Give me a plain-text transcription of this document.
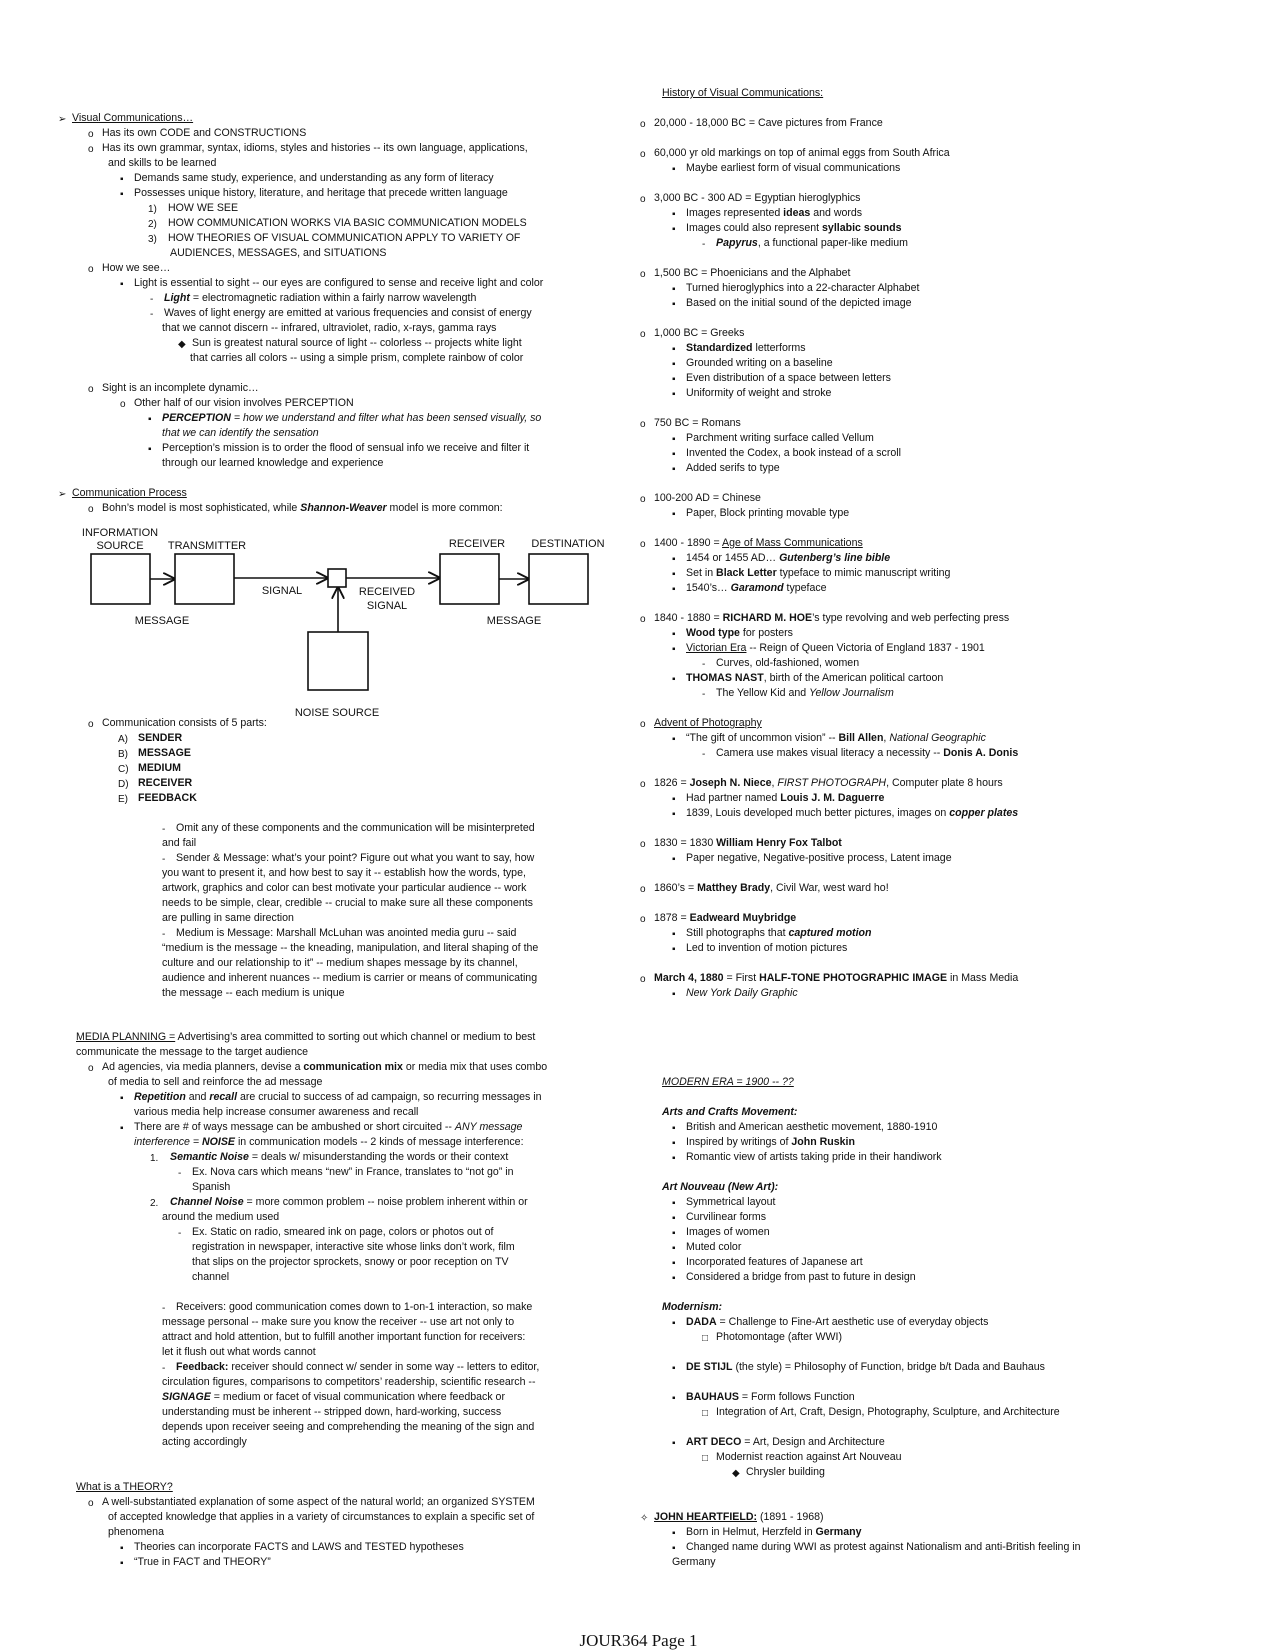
➢ Visual Communications…
o Has its own CODE and CONSTRUCTIONS
o Has its own grammar, syntax, idioms, styles and histories -- its own language, applications,
and skills to be learned
▪ Demands same study, experience, and understanding as any form of literacy
▪ Possesses unique history, literature, and heritage that precede written language
1) HOW WE SEE
2) HOW COMMUNICATION WORKS VIA BASIC COMMUNICATION MODELS
3) HOW THEORIES OF VISUAL COMMUNICATION APPLY TO VARIETY OF
AUDIENCES, MESSAGES, and SITUATIONS
o How we see…
▪ Light is essential to sight -- our eyes are configured to sense and receive light and color
- Light = electromagnetic radiation within a fairly narrow wavelength
- Waves of light energy are emitted at various frequencies and consist of energy
that we cannot discern -- infrared, ultraviolet, radio, x-rays, gamma rays
◆ Sun is greatest natural source of light -- colorless -- projects white light
that carries all colors -- using a simple prism, complete rainbow of color
o Sight is an incomplete dynamic…
o Other half of our vision involves PERCEPTION
▪ PERCEPTION = how we understand and filter what has been sensed visually, so
that we can identify the sensation
▪ Perception’s mission is to order the flood of sensual info we receive and filter it
through our learned knowledge and experience
➢ Communication Process
o Bohn’s model is most sophisticated, while Shannon-Weaver model is more common:
o Communication consists of 5 parts:
A) SENDER
B) MESSAGE
C) MEDIUM
D) RECEIVER
E) FEEDBACK
- Omit any of these components and the communication will be misinterpreted
and fail
- Sender & Message: what’s your point? Figure out what you want to say, how
you want to present it, and how best to say it -- establish how the words, type,
artwork, graphics and color can best motivate your particular audience -- work
needs to be simple, clear, credible -- crucial to make sure all these components
are pulling in same direction
- Medium is Message: Marshall McLuhan was anointed media guru -- said
“medium is the message -- the kneading, manipulation, and literal shaping of the
culture and our relationship to it” -- medium shapes message by its channel,
audience and inherent nuances -- medium is carrier or means of communicating
the message -- each medium is unique
MEDIA PLANNING = Advertising’s area committed to sorting out which channel or medium to best
communicate the message to the target audience
o Ad agencies, via media planners, devise a communication mix or media mix that uses combo
of media to sell and reinforce the ad message
▪ Repetition and recall are crucial to success of ad campaign, so recurring messages in
various media help increase consumer awareness and recall
▪ There are # of ways message can be ambushed or short circuited -- ANY message
interference = NOISE in communication models -- 2 kinds of message interference:
1. Semantic Noise = deals w/ misunderstanding the words or their context
- Ex. Nova cars which means “new” in France, translates to “not go” in
Spanish
2. Channel Noise = more common problem -- noise problem inherent within or
around the medium used
- Ex. Static on radio, smeared ink on page, colors or photos out of
registration in newspaper, interactive site whose links don’t work, film
that slips on the projector sprockets, snowy or poor reception on TV
channel
- Receivers: good communication comes down to 1-on-1 interaction, so make
message personal -- make sure you know the receiver -- use art not only to
attract and hold attention, but to fulfill another important function for receivers:
let it flush out what words cannot
- Feedback: receiver should connect w/ sender in some way -- letters to editor,
circulation figures, comparisons to competitors’ readership, scientific research --
SIGNAGE = medium or facet of visual communication where feedback or
understanding must be inherent -- stripped down, hard-working, success
depends upon receiver seeing and comprehending the meaning of the sign and
acting accordingly
What is a THEORY?
o A well-substantiated explanation of some aspect of the natural world; an organized SYSTEM
of accepted knowledge that applies in a variety of circumstances to explain a specific set of
phenomena
▪ Theories can incorporate FACTS and LAWS and TESTED hypotheses
▪ “True in FACT and THEORY”
History of Visual Communications:
o 20,000 - 18,000 BC = Cave pictures from France
o 60,000 yr old markings on top of animal eggs from South Africa
▪ Maybe earliest form of visual communications
o 3,000 BC - 300 AD = Egyptian hieroglyphics
▪ Images represented ideas and words
▪ Images could also represent syllabic sounds
- Papyrus, a functional paper-like medium
o 1,500 BC = Phoenicians and the Alphabet
▪ Turned hieroglyphics into a 22-character Alphabet
▪ Based on the initial sound of the depicted image
o 1,000 BC = Greeks
▪ Standardized letterforms
▪ Grounded writing on a baseline
▪ Even distribution of a space between letters
▪ Uniformity of weight and stroke
o 750 BC = Romans
▪ Parchment writing surface called Vellum
▪ Invented the Codex, a book instead of a scroll
▪ Added serifs to type
o 100-200 AD = Chinese
▪ Paper, Block printing movable type
o 1400 - 1890 = Age of Mass Communications
▪ 1454 or 1455 AD… Gutenberg’s line bible
▪ Set in Black Letter typeface to mimic manuscript writing
▪ 1540’s… Garamond typeface
o 1840 - 1880 = RICHARD M. HOE’s type revolving and web perfecting press
▪ Wood type for posters
▪ Victorian Era -- Reign of Queen Victoria of England 1837 - 1901
- Curves, old-fashioned, women
▪ THOMAS NAST, birth of the American political cartoon
- The Yellow Kid and Yellow Journalism
o Advent of Photography
▪ “The gift of uncommon vision” -- Bill Allen, National Geographic
- Camera use makes visual literacy a necessity -- Donis A. Donis
o 1826 = Joseph N. Niece, FIRST PHOTOGRAPH, Computer plate 8 hours
▪ Had partner named Louis J. M. Daguerre
▪ 1839, Louis developed much better pictures, images on copper plates
o 1830 = 1830 William Henry Fox Talbot
▪ Paper negative, Negative-positive process, Latent image
o 1860’s = Matthey Brady, Civil War, west ward ho!
o 1878 = Eadweard Muybridge
▪ Still photographs that captured motion
▪ Led to invention of motion pictures
o March 4, 1880 = First HALF-TONE PHOTOGRAPHIC IMAGE in Mass Media
▪ New York Daily Graphic
MODERN ERA = 1900 -- ??
Arts and Crafts Movement:
▪ British and American aesthetic movement, 1880-1910
▪ Inspired by writings of John Ruskin
▪ Romantic view of artists taking pride in their handiwork
Art Nouveau (New Art):
▪ Symmetrical layout
▪ Curvilinear forms
▪ Images of women
▪ Muted color
▪ Incorporated features of Japanese art
▪ Considered a bridge from past to future in design
Modernism:
▪ DADA = Challenge to Fine-Art aesthetic use of everyday objects
□ Photomontage (after WWI)
▪ DE STIJL (the style) = Philosophy of Function, bridge b/t Dada and Bauhaus
▪ BAUHAUS = Form follows Function
□ Integration of Art, Craft, Design, Photography, Sculpture, and Architecture
▪ ART DECO = Art, Design and Architecture
□ Modernist reaction against Art Nouveau
◆ Chrysler building
✧ JOHN HEARTFIELD: (1891 - 1968)
▪ Born in Helmut, Herzfeld in Germany
▪ Changed name during WWI as protest against Nationalism and anti-British feeling in
Germany
INFORMATION
SOURCE TRANSMITTER	RECEIVER DESTINATION
SIGNAL	RECEIVED
SIGNAL
MESSAGE	MESSAGE
NOISE SOURCE
JOUR364 Page 1
